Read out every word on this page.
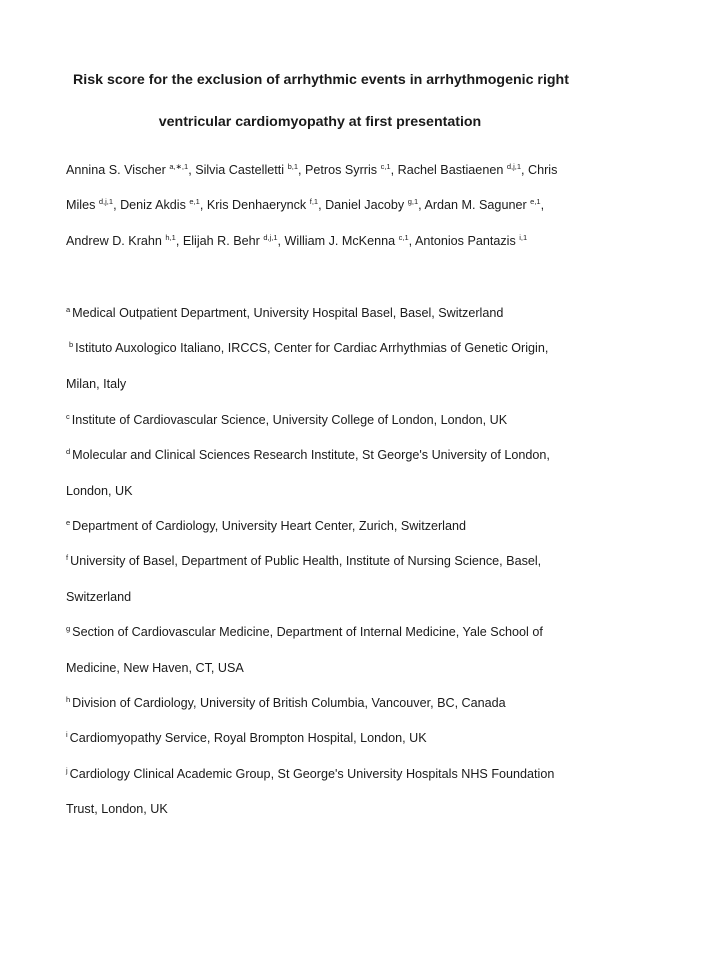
Risk score for the exclusion of arrhythmic events in arrhythmogenic right
ventricular cardiomyopathy at first presentation
Annina S. Vischer $^{a,∗,1}$, Silvia Castelletti $^{b,1}$, Petros Syrris $^{c,1}$, Rachel Bastiaenen $^{d,j,1}$, Chris
Miles $^{d,j,1}$, Deniz Akdis $^{e,1}$, Kris Denhaerynck $^{f,1}$, Daniel Jacoby $^{g,1}$, Ardan M. Saguner $^{e,1}$,
Andrew D. Krahn $^{h,1}$, Elijah R. Behr $^{d,j,1}$, William J. McKenna $^{c,1}$, Antonios Pantazis $^{i,1}$
$^a$ Medical Outpatient Department, University Hospital Basel, Basel, Switzerland
$^b$ Istituto Auxologico Italiano, IRCCS, Center for Cardiac Arrhythmias of Genetic Origin,
Milan, Italy
$^c$ Institute of Cardiovascular Science, University College of London, London, UK
$^d$ Molecular and Clinical Sciences Research Institute, St George's University of London,
London, UK
$^e$ Department of Cardiology, University Heart Center, Zurich, Switzerland
$^f$ University of Basel, Department of Public Health, Institute of Nursing Science, Basel,
Switzerland
$^g$ Section of Cardiovascular Medicine, Department of Internal Medicine, Yale School of
Medicine, New Haven, CT, USA
$^h$ Division of Cardiology, University of British Columbia, Vancouver, BC, Canada
$^i$ Cardiomyopathy Service, Royal Brompton Hospital, London, UK
$^j$ Cardiology Clinical Academic Group, St George's University Hospitals NHS Foundation
Trust, London, UK
